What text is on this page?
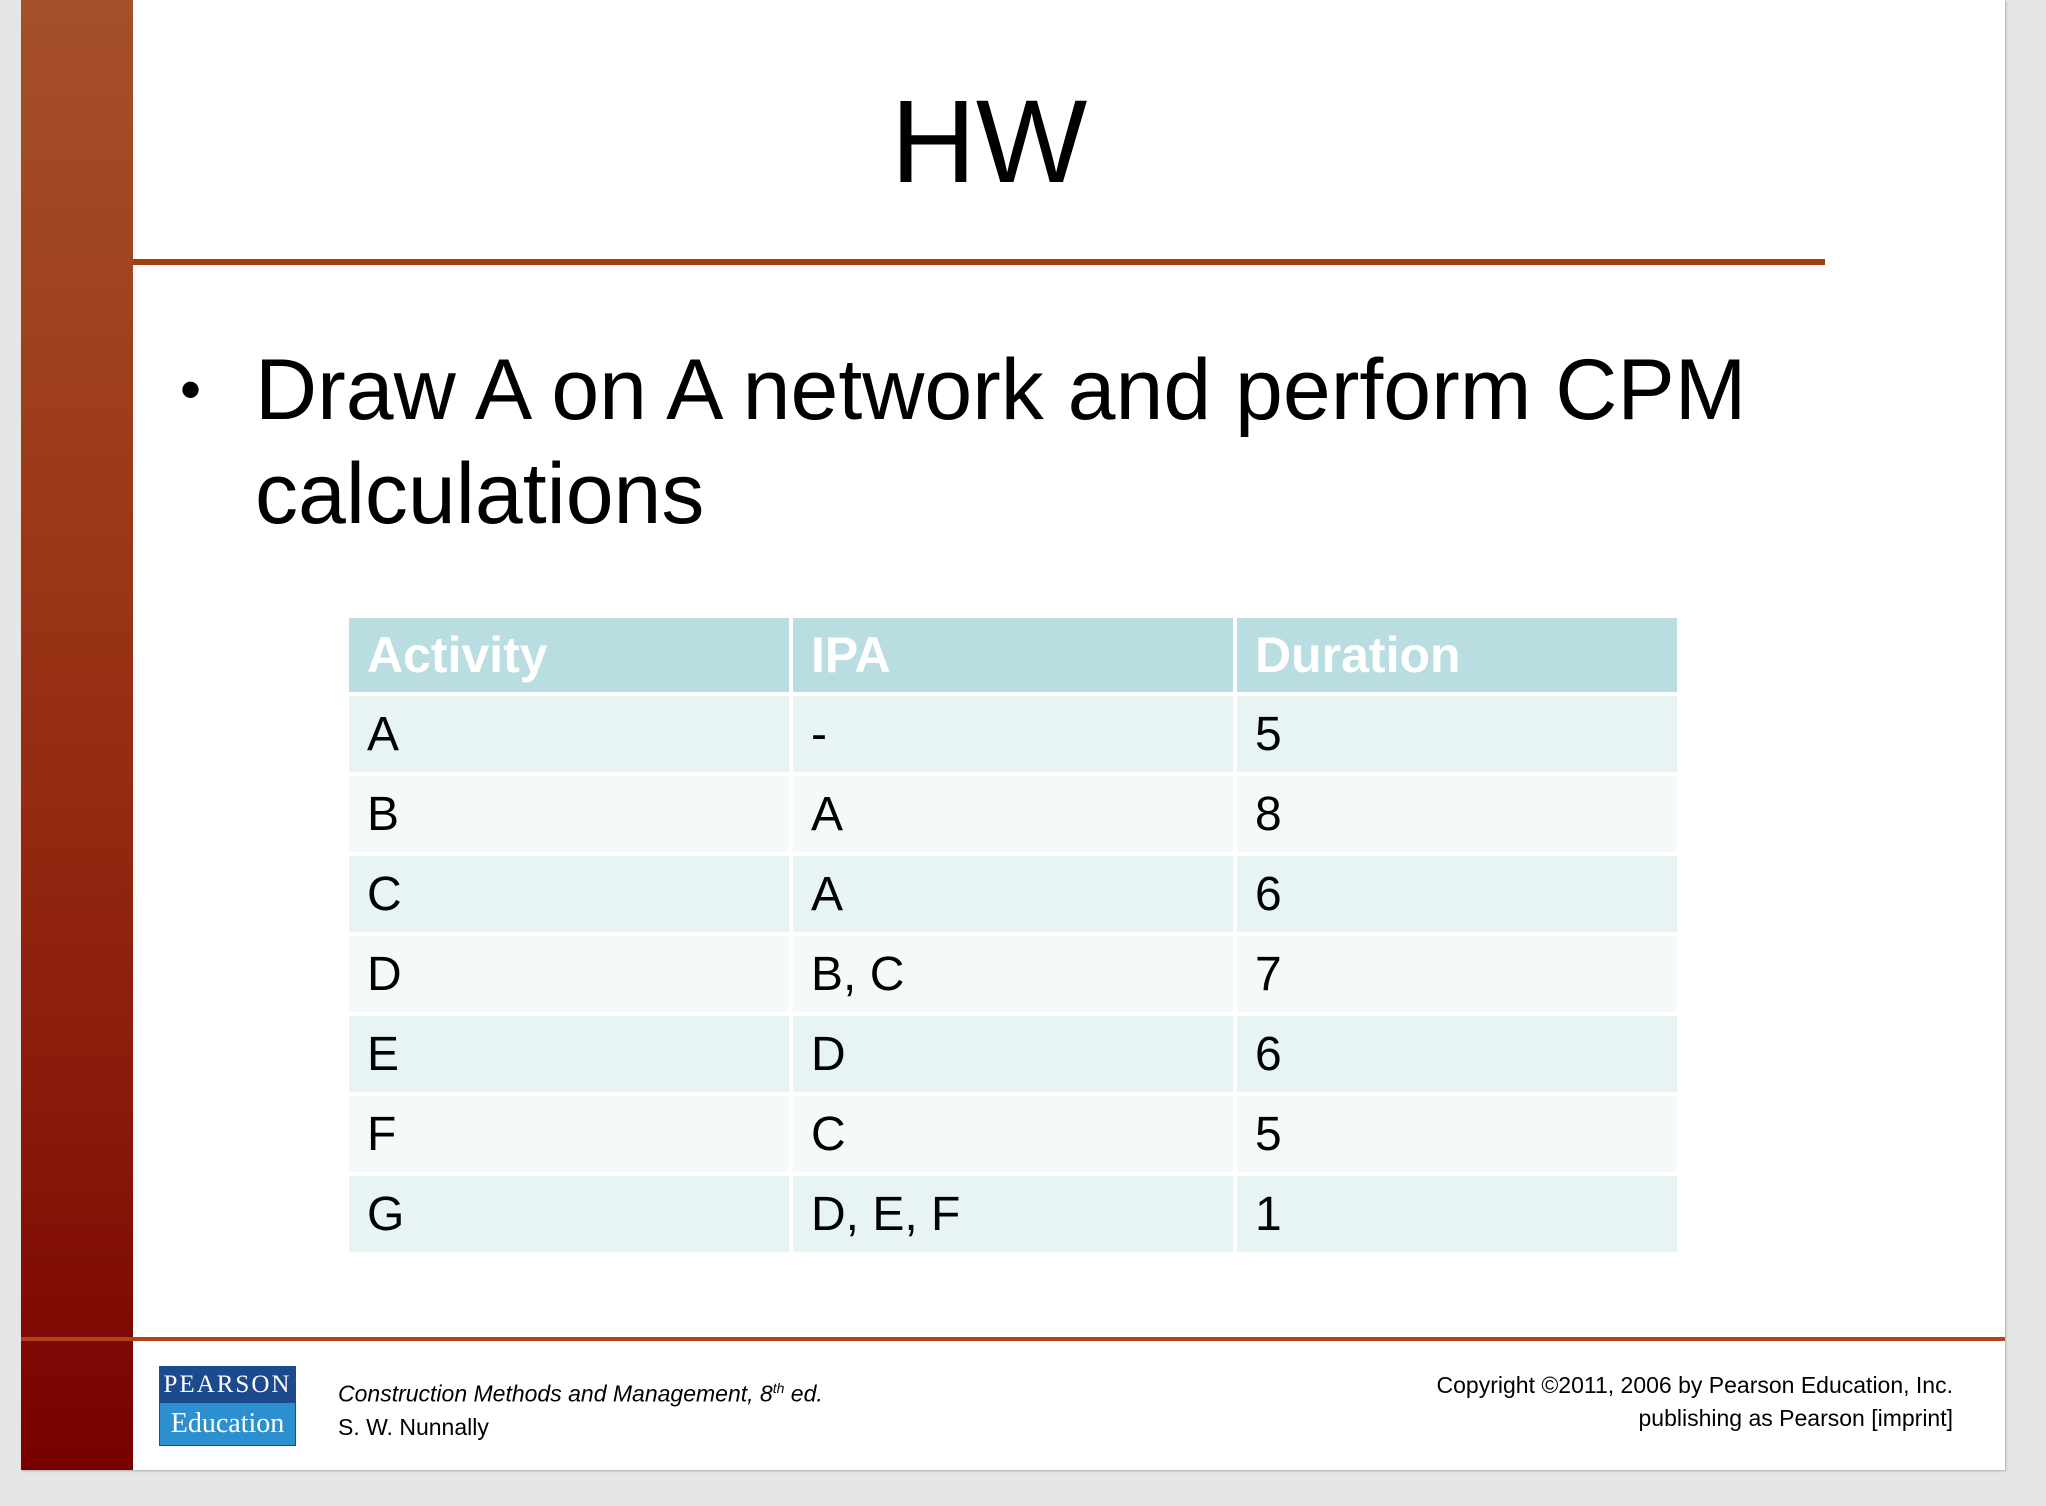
HW
• Draw A on A network and perform CPM calculations
Activity	IPA	Duration
A	-	5
B	A	8
C	A	6
D	B, C	7
E	D	6
F	C	5
G	D, E, F	1
PEARSON
Education
Construction Methods and Management, 8th ed.
S. W. Nunnally
Copyright ©2011, 2006 by Pearson Education, Inc.
publishing as Pearson [imprint]
